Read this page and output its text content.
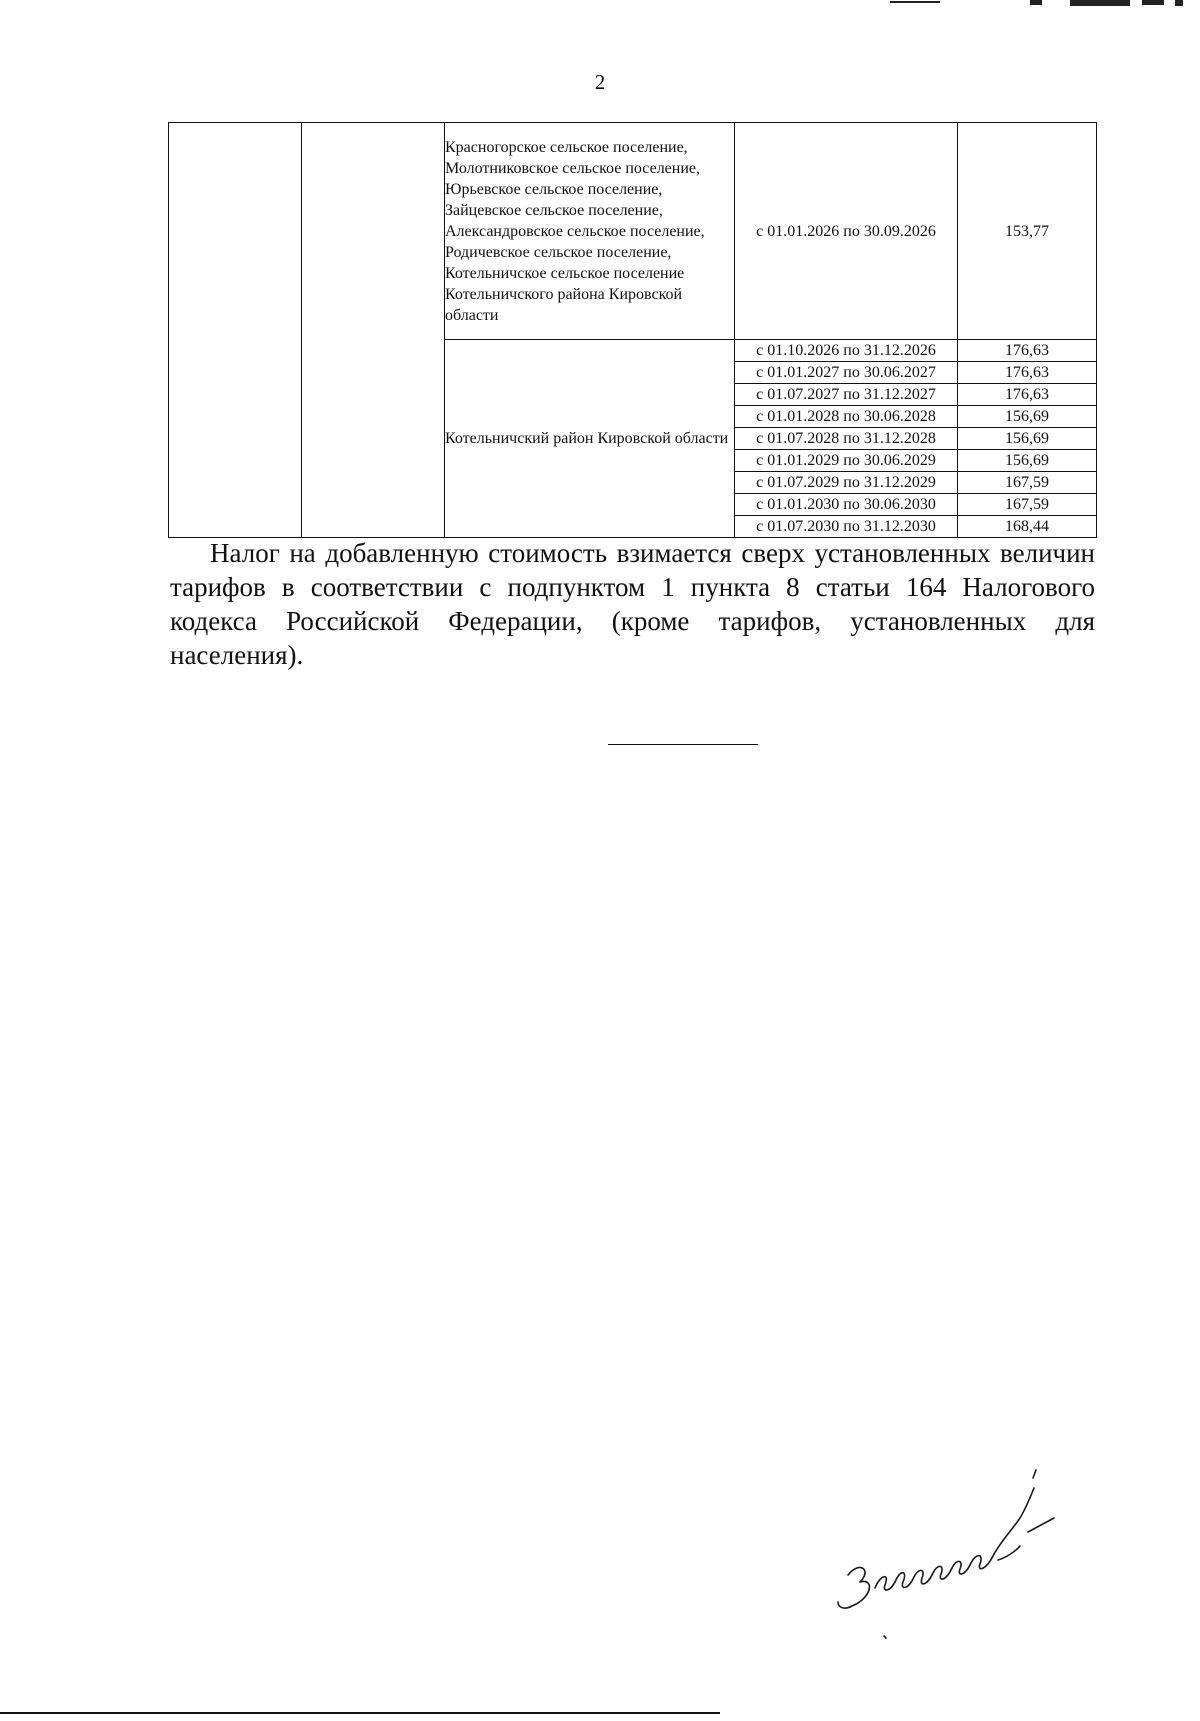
2
		Красногорское сельское поселение, Молотниковское сельское поселение, Юрьевское сельское поселение, Зайцевское сельское поселение, Александровское сельское поселение, Родичевское сельское поселение, Котельничское сельское поселение Котельничского района Кировской области	с 01.01.2026 по 30.09.2026	153,77
		Котельничский район Кировской области	с 01.10.2026 по 31.12.2026	176,63
			с 01.01.2027 по 30.06.2027	176,63
			с 01.07.2027 по 31.12.2027	176,63
			с 01.01.2028 по 30.06.2028	156,69
			с 01.07.2028 по 31.12.2028	156,69
			с 01.01.2029 по 30.06.2029	156,69
			с 01.07.2029 по 31.12.2029	167,59
			с 01.01.2030 по 30.06.2030	167,59
			с 01.07.2030 по 31.12.2030	168,44

Налог на добавленную стоимость взимается сверх установленных величин тарифов в соответствии с подпунктом 1 пункта 8 статьи 164 Налогового кодекса Российской Федерации, (кроме тарифов, установленных для населения).
